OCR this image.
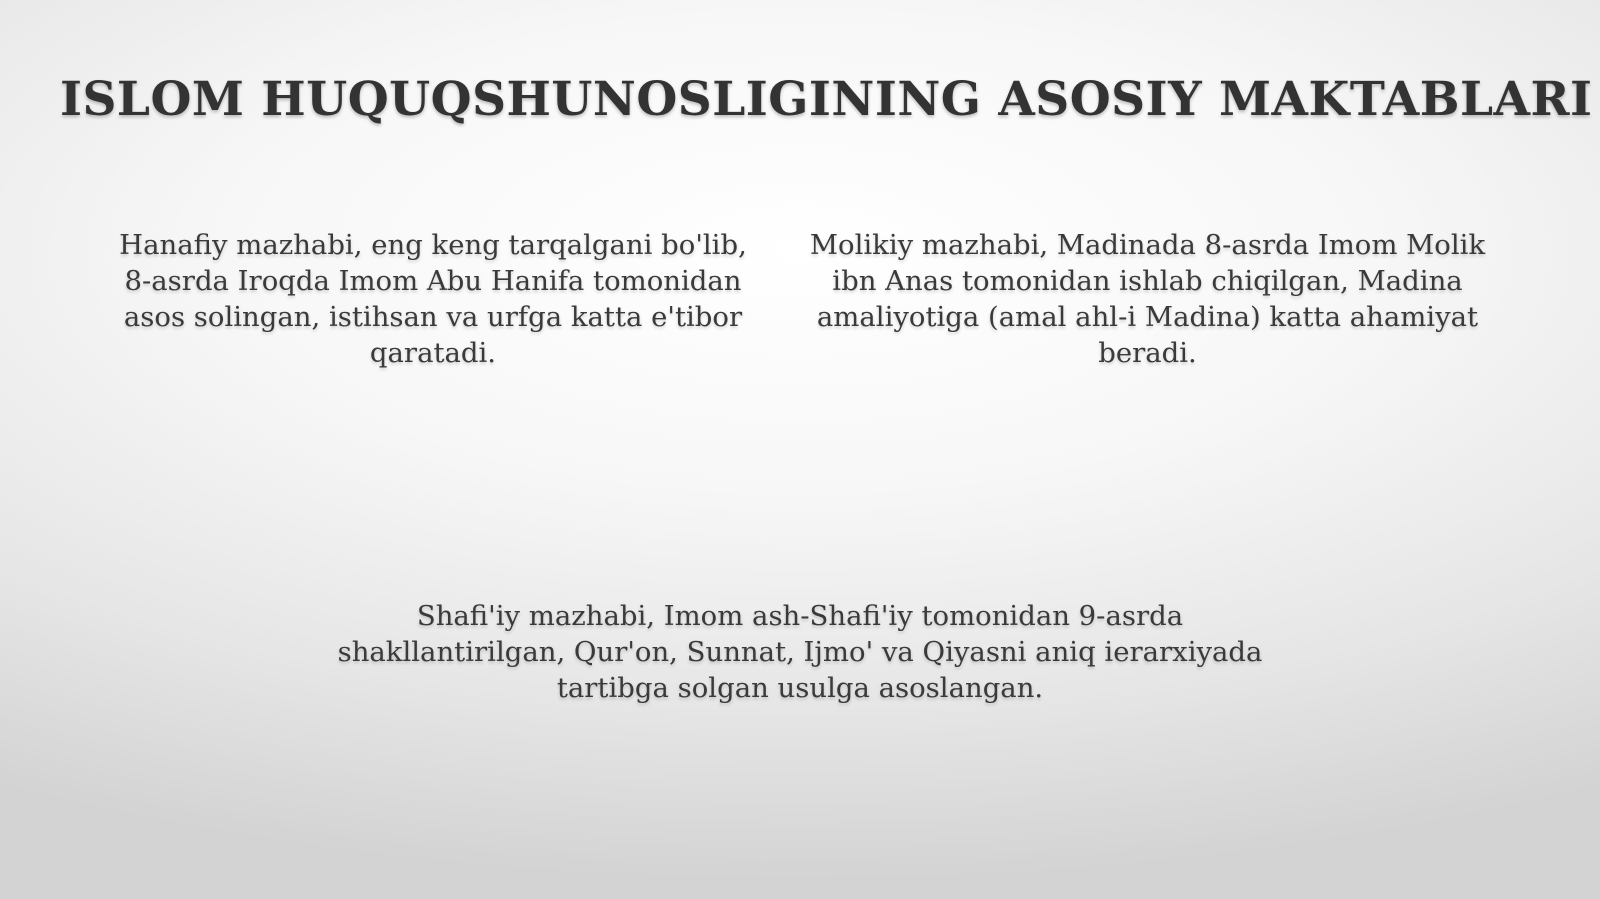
ISLOM HUQUQSHUNOSLIGINING ASOSIY MAKTABLARI

Hanafiy mazhabi, eng keng tarqalgani bo'lib, 8-asrda Iroqda Imom Abu Hanifa tomonidan asos solingan, istihsan va urfga katta e'tibor qaratadi.

Molikiy mazhabi, Madinada 8-asrda Imom Molik ibn Anas tomonidan ishlab chiqilgan, Madina amaliyotiga (amal ahl-i Madina) katta ahamiyat beradi.

Shafi'iy mazhabi, Imom ash-Shafi'iy tomonidan 9-asrda shakllantirilgan, Qur'on, Sunnat, Ijmo' va Qiyasni aniq ierarxiyada tartibga solgan usulga asoslangan.
